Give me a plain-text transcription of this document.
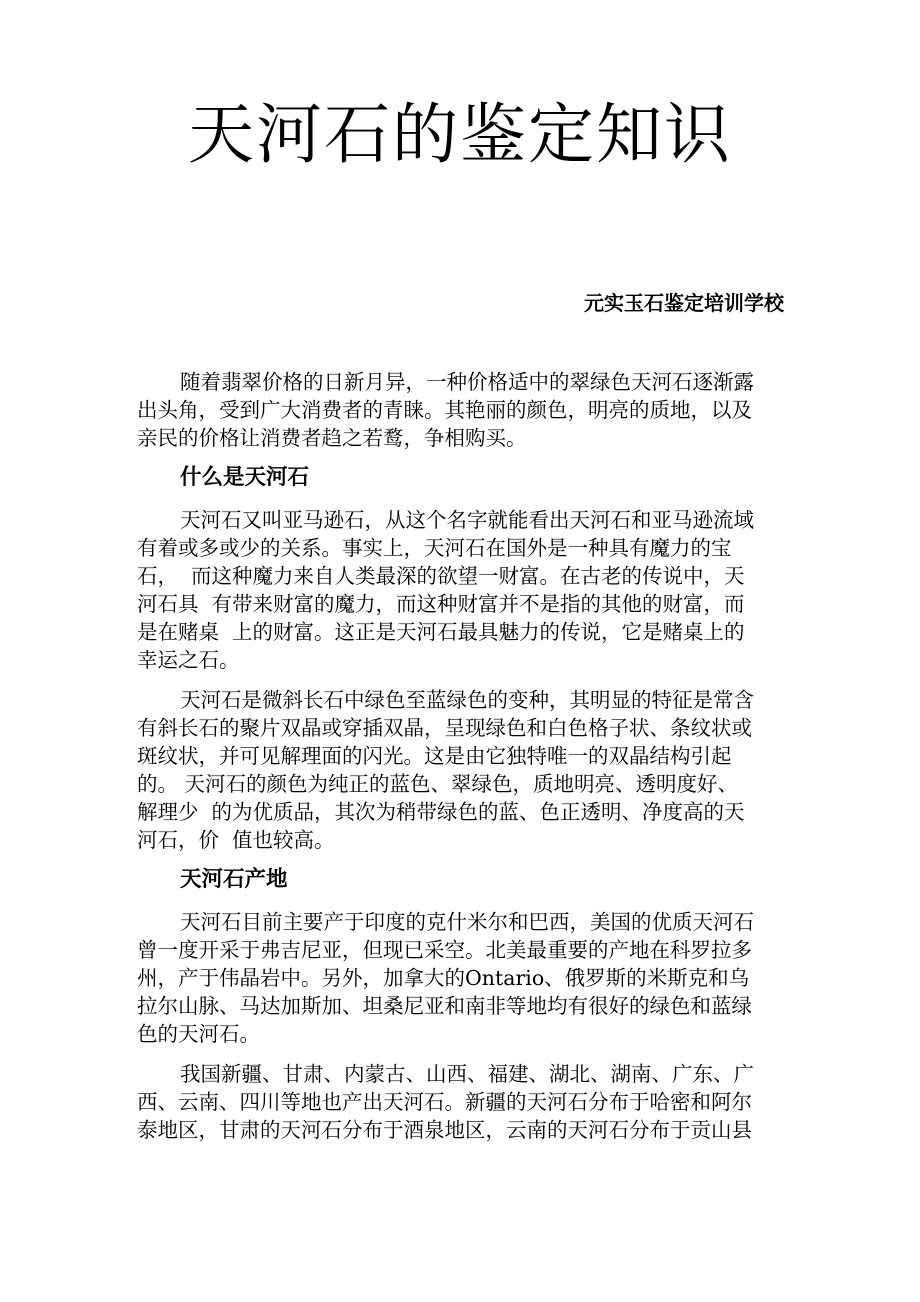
天河石的鉴定知识
元实玉石鉴定培训学校
随着翡翠价格的日新月异，一种价格适中的翠绿色天河石逐渐露
出头角，受到广大消费者的青睐。其艳丽的颜色，明亮的质地，以及
亲民的价格让消费者趋之若鹜，争相购买。
什么是天河石
天河石又叫亚马逊石，从这个名字就能看出天河石和亚马逊流域
有着或多或少的关系。事实上，天河石在国外是一种具有魔力的宝
石，  而这种魔力来自人类最深的欲望一财富。在古老的传说中，天
河石具  有带来财富的魔力，而这种财富并不是指的其他的财富，而
是在赌桌  上的财富。这正是天河石最具魅力的传说，它是赌桌上的
幸运之石。
天河石是微斜长石中绿色至蓝绿色的变种，其明显的特征是常含
有斜长石的聚片双晶或穿插双晶，呈现绿色和白色格子状、条纹状或
斑纹状，并可见解理面的闪光。这是由它独特唯一的双晶结构引起
的。 天河石的颜色为纯正的蓝色、翠绿色，质地明亮、透明度好、
解理少  的为优质品，其次为稍带绿色的蓝、色正透明、净度高的天
河石，价  值也较高。
天河石产地
天河石目前主要产于印度的克什米尔和巴西，美国的优质天河石
曾一度开采于弗吉尼亚，但现已采空。北美最重要的产地在科罗拉多
州，产于伟晶岩中。另外，加拿大的Ontario、俄罗斯的米斯克和乌
拉尔山脉、马达加斯加、坦桑尼亚和南非等地均有很好的绿色和蓝绿
色的天河石。
我国新疆、甘肃、内蒙古、山西、福建、湖北、湖南、广东、广
西、云南、四川等地也产出天河石。新疆的天河石分布于哈密和阿尔
泰地区，甘肃的天河石分布于酒泉地区，云南的天河石分布于贡山县
